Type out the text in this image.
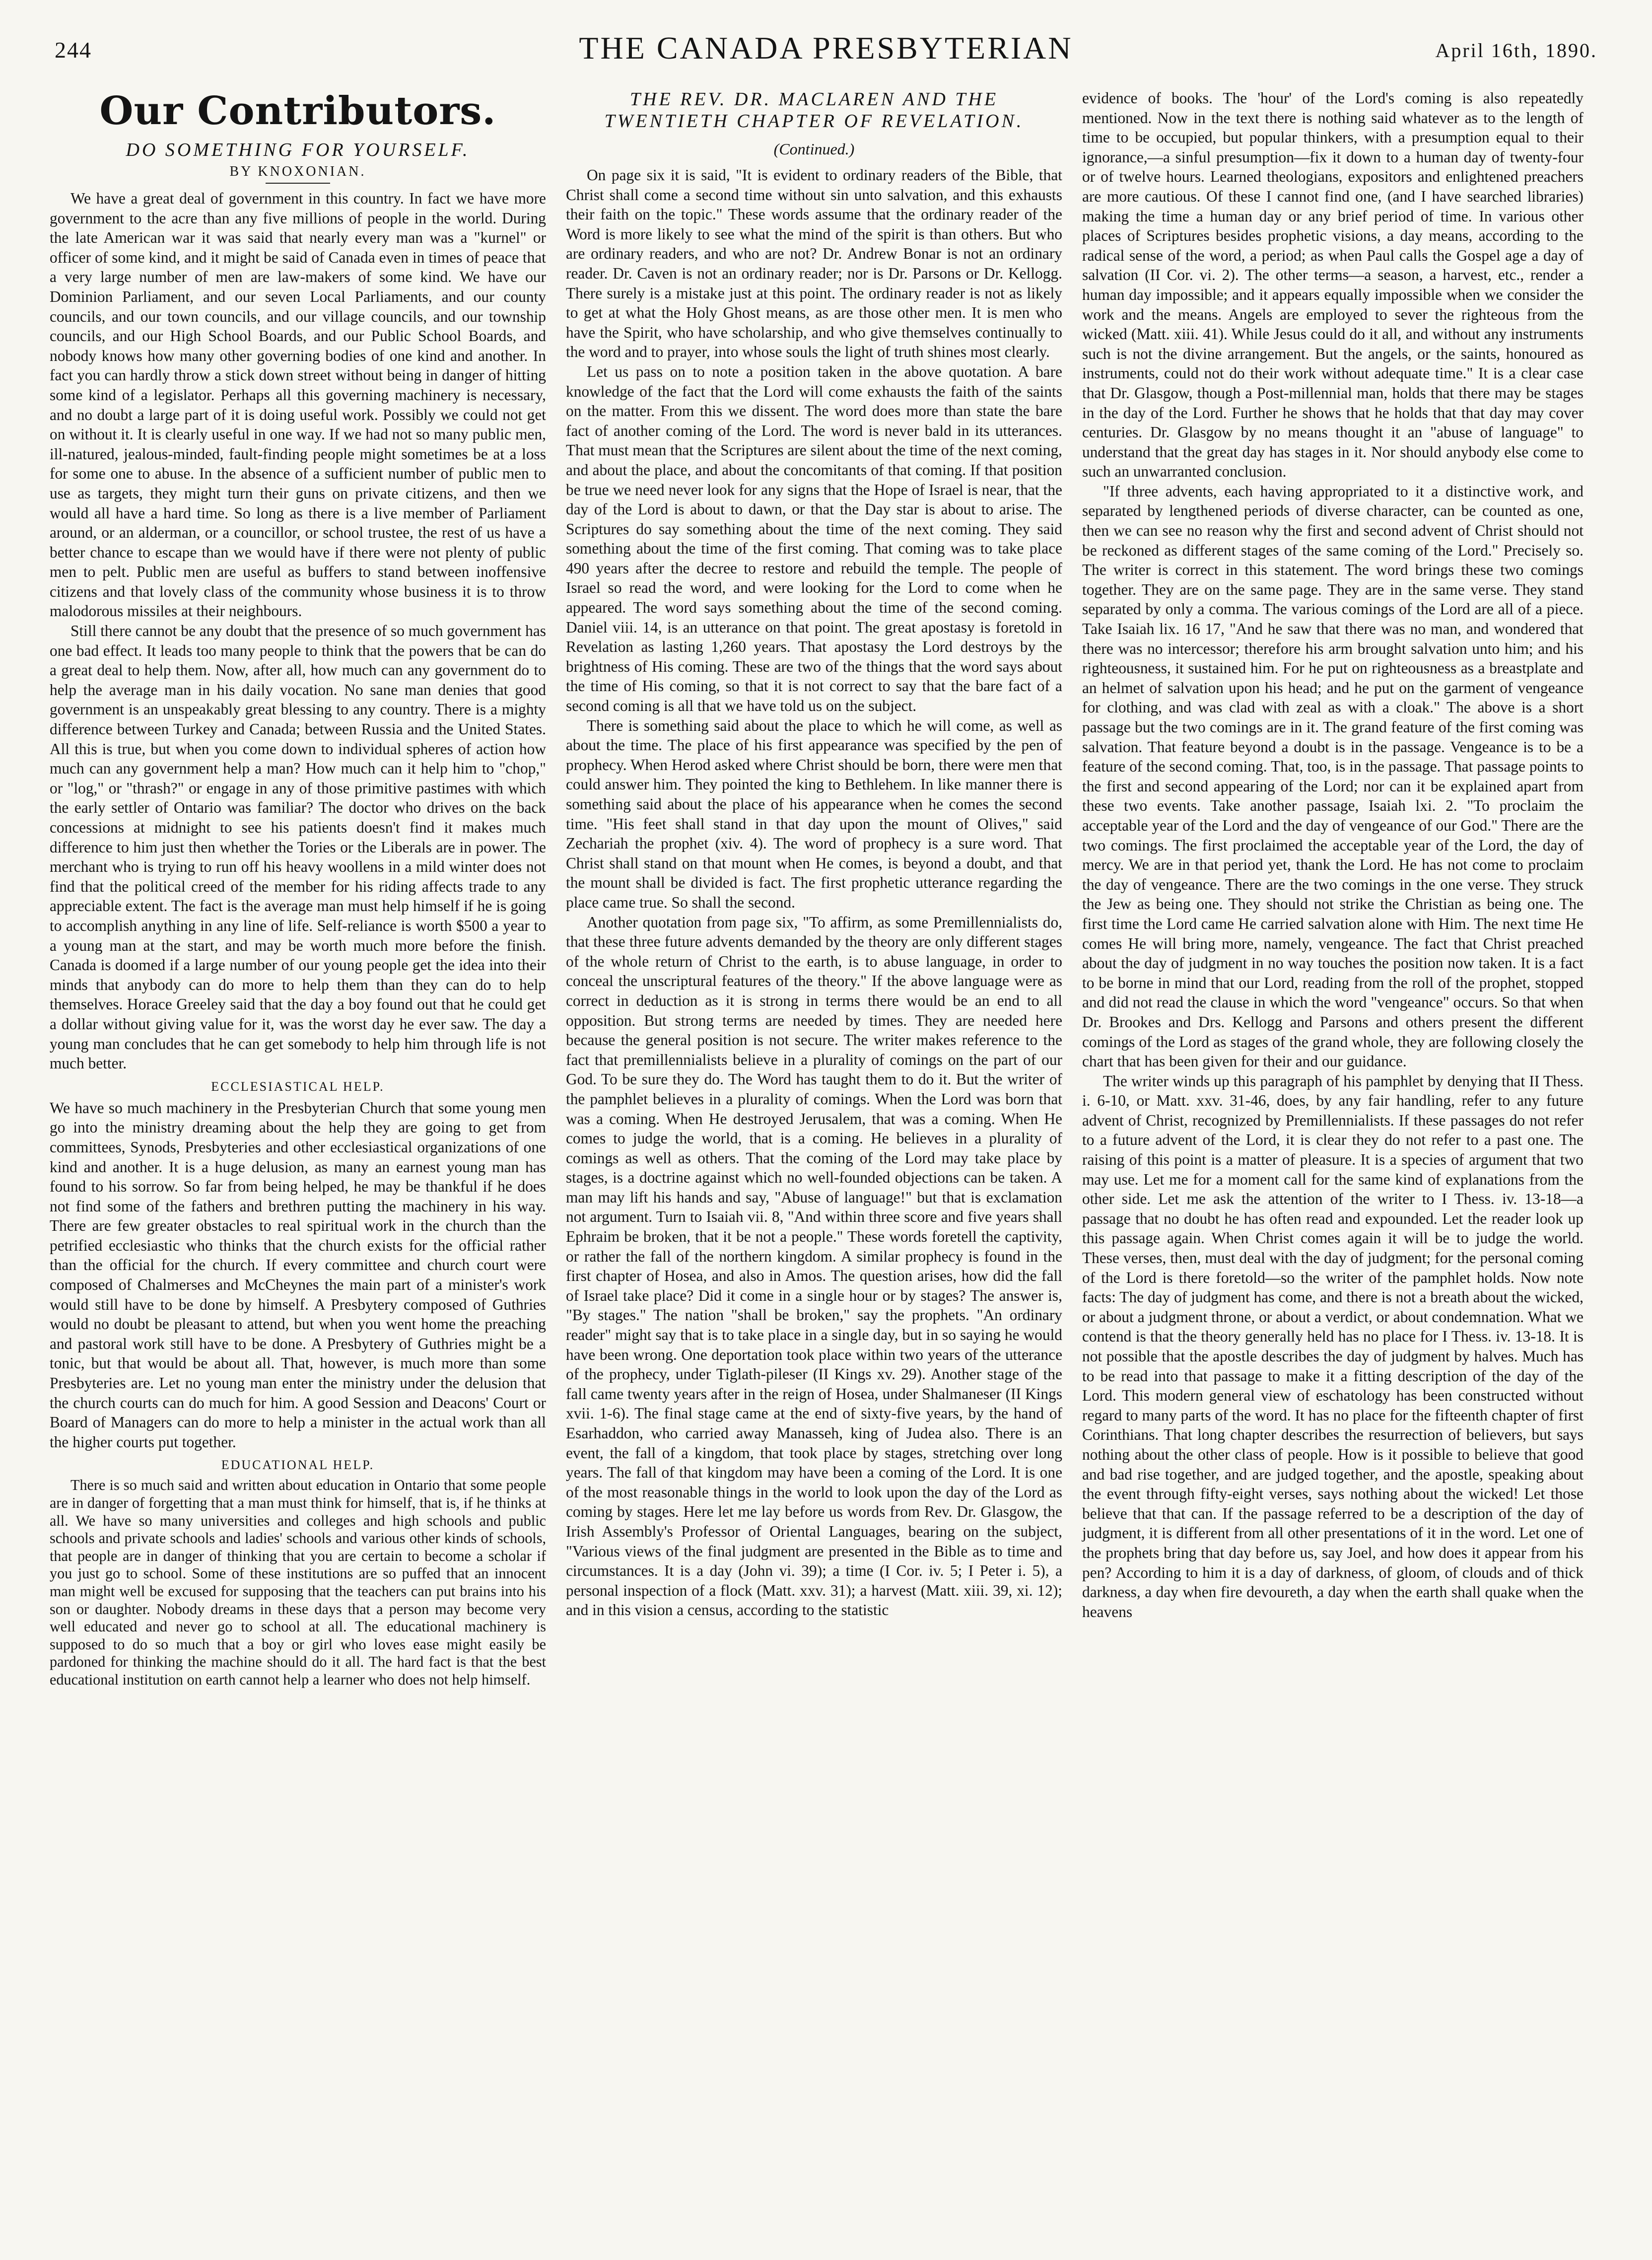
244	THE CANADA PRESBYTERIAN	April 16th, 1890.
Our Contributors.
DO SOMETHING FOR YOURSELF.
BY KNOXONIAN.

We have a great deal of government in this country. In fact we have more government to the acre than any five millions of people in the world. During the late American war it was said that nearly every man was a "kurnel" or officer of some kind, and it might be said of Canada even in times of peace that a very large number of men are law-makers of some kind. We have our Dominion Parliament, and our seven Local Parliaments, and our county councils, and our town councils, and our village councils, and our township councils, and our High School Boards, and our Public School Boards, and nobody knows how many other governing bodies of one kind and another. In fact you can hardly throw a stick down street without being in danger of hitting some kind of a legislator. Perhaps all this governing machinery is necessary, and no doubt a large part of it is doing useful work. Possibly we could not get on without it. It is clearly useful in one way. If we had not so many public men, ill-natured, jealous-minded, fault-finding people might sometimes be at a loss for some one to abuse. In the absence of a sufficient number of public men to use as targets, they might turn their guns on private citizens, and then we would all have a hard time. So long as there is a live member of Parliament around, or an alderman, or a councillor, or school trustee, the rest of us have a better chance to escape than we would have if there were not plenty of public men to pelt. Public men are useful as buffers to stand between inoffensive citizens and that lovely class of the community whose business it is to throw malodorous missiles at their neighbours.

Still there cannot be any doubt that the presence of so much government has one bad effect. It leads too many people to think that the powers that be can do a great deal to help them. Now, after all, how much can any government do to help the average man in his daily vocation. No sane man denies that good government is an unspeakably great blessing to any country. There is a mighty difference between Turkey and Canada; between Russia and the United States. All this is true, but when you come down to individual spheres of action how much can any government help a man? How much can it help him to "chop," or "log," or "thrash?" or engage in any of those primitive pastimes with which the early settler of Ontario was familiar? The doctor who drives on the back concessions at midnight to see his patients doesn't find it makes much difference to him just then whether the Tories or the Liberals are in power. The merchant who is trying to run off his heavy woollens in a mild winter does not find that the political creed of the member for his riding affects trade to any appreciable extent. The fact is the average man must help himself if he is going to accomplish anything in any line of life. Self-reliance is worth $500 a year to a young man at the start, and may be worth much more before the finish. Canada is doomed if a large number of our young people get the idea into their minds that anybody can do more to help them than they can do to help themselves. Horace Greeley said that the day a boy found out that he could get a dollar without giving value for it, was the worst day he ever saw. The day a young man concludes that he can get somebody to help him through life is not much better.

ECCLESIASTICAL HELP.

We have so much machinery in the Presbyterian Church that some young men go into the ministry dreaming about the help they are going to get from committees, Synods, Presbyteries and other ecclesiastical organizations of one kind and another. It is a huge delusion, as many an earnest young man has found to his sorrow. So far from being helped, he may be thankful if he does not find some of the fathers and brethren putting the machinery in his way. There are few greater obstacles to real spiritual work in the church than the petrified ecclesiastic who thinks that the church exists for the official rather than the official for the church. If every committee and church court were composed of Chalmerses and McCheynes the main part of a minister's work would still have to be done by himself. A Presbytery composed of Guthries would no doubt be pleasant to attend, but when you went home the preaching and pastoral work still have to be done. A Presbytery of Guthries might be a tonic, but that would be about all. That, however, is much more than some Presbyteries are. Let no young man enter the ministry under the delusion that the church courts can do much for him. A good Session and Deacons' Court or Board of Managers can do more to help a minister in the actual work than all the higher courts put together.

EDUCATIONAL HELP.

There is so much said and written about education in Ontario that some people are in danger of forgetting that a man must think for himself, that is, if he thinks at all. We have so many universities and colleges and high schools and public schools and private schools and ladies' schools and various other kinds of schools, that people are in danger of thinking that you are certain to become a scholar if you just go to school. Some of these institutions are so puffed that an innocent man might well be excused for supposing that the teachers can put brains into his son or daughter. Nobody dreams in these days that a person may become very well educated and never go to school at all. The educational machinery is supposed to do so much that a boy or girl who loves ease might easily be pardoned for thinking the machine should do it all. The hard fact is that the best educational institution on earth cannot help a learner who does not help himself.

THE REV. DR. MACLAREN AND THE TWENTIETH CHAPTER OF REVELATION.
(Continued.)

On page six it is said, "It is evident to ordinary readers of the Bible, that Christ shall come a second time without sin unto salvation, and this exhausts their faith on the topic." These words assume that the ordinary reader of the Word is more likely to see what the mind of the spirit is than others. But who are ordinary readers, and who are not? Dr. Andrew Bonar is not an ordinary reader. Dr. Caven is not an ordinary reader; nor is Dr. Parsons or Dr. Kellogg. There surely is a mistake just at this point. The ordinary reader is not as likely to get at what the Holy Ghost means, as are those other men. It is men who have the Spirit, who have scholarship, and who give themselves continually to the word and to prayer, into whose souls the light of truth shines most clearly.

Let us pass on to note a position taken in the above quotation. A bare knowledge of the fact that the Lord will come exhausts the faith of the saints on the matter. From this we dissent. The word does more than state the bare fact of another coming of the Lord. The word is never bald in its utterances. That must mean that the Scriptures are silent about the time of the next coming, and about the place, and about the concomitants of that coming. If that position be true we need never look for any signs that the Hope of Israel is near, that the day of the Lord is about to dawn, or that the Day star is about to arise. The Scriptures do say something about the time of the next coming. They said something about the time of the first coming. That coming was to take place 490 years after the decree to restore and rebuild the temple. The people of Israel so read the word, and were looking for the Lord to come when he appeared. The word says something about the time of the second coming. Daniel viii. 14, is an utterance on that point. The great apostasy is foretold in Revelation as lasting 1,260 years. That apostasy the Lord destroys by the brightness of His coming. These are two of the things that the word says about the time of His coming, so that it is not correct to say that the bare fact of a second coming is all that we have told us on the subject.

There is something said about the place to which he will come, as well as about the time. The place of his first appearance was specified by the pen of prophecy. When Herod asked where Christ should be born, there were men that could answer him. They pointed the king to Bethlehem. In like manner there is something said about the place of his appearance when he comes the second time. "His feet shall stand in that day upon the mount of Olives," said Zechariah the prophet (xiv. 4). The word of prophecy is a sure word. That Christ shall stand on that mount when He comes, is beyond a doubt, and that the mount shall be divided is fact. The first prophetic utterance regarding the place came true. So shall the second.

Another quotation from page six, "To affirm, as some Premillennialists do, that these three future advents demanded by the theory are only different stages of the whole return of Christ to the earth, is to abuse language, in order to conceal the unscriptural features of the theory." If the above language were as correct in deduction as it is strong in terms there would be an end to all opposition. But strong terms are needed by times. They are needed here because the general position is not secure. The writer makes reference to the fact that premillennialists believe in a plurality of comings on the part of our God. To be sure they do. The Word has taught them to do it. But the writer of the pamphlet believes in a plurality of comings. When the Lord was born that was a coming. When He destroyed Jerusalem, that was a coming. When He comes to judge the world, that is a coming. He believes in a plurality of comings as well as others. That the coming of the Lord may take place by stages, is a doctrine against which no well-founded objections can be taken. A man may lift his hands and say, "Abuse of language!" but that is exclamation not argument. Turn to Isaiah vii. 8, "And within three score and five years shall Ephraim be broken, that it be not a people." These words foretell the captivity, or rather the fall of the northern kingdom. A similar prophecy is found in the first chapter of Hosea, and also in Amos. The question arises, how did the fall of Israel take place? Did it come in a single hour or by stages? The answer is, "By stages." The nation "shall be broken," say the prophets. "An ordinary reader" might say that is to take place in a single day, but in so saying he would have been wrong. One deportation took place within two years of the utterance of the prophecy, under Tiglath-pileser (II Kings xv. 29). Another stage of the fall came twenty years after in the reign of Hosea, under Shalmaneser (II Kings xvii. 1-6). The final stage came at the end of sixty-five years, by the hand of Esarhaddon, who carried away Manasseh, king of Judea also. There is an event, the fall of a kingdom, that took place by stages, stretching over long years. The fall of that kingdom may have been a coming of the Lord. It is one of the most reasonable things in the world to look upon the day of the Lord as coming by stages. Here let me lay before us words from Rev. Dr. Glasgow, the Irish Assembly's Professor of Oriental Languages, bearing on the subject, "Various views of the final judgment are presented in the Bible as to time and circumstances. It is a day (John vi. 39); a time (I Cor. iv. 5; I Peter i. 5), a personal inspection of a flock (Matt. xxv. 31); a harvest (Matt. xiii. 39, xi. 12); and in this vision a census, according to the statistic

evidence of books. The 'hour' of the Lord's coming is also repeatedly mentioned. Now in the text there is nothing said whatever as to the length of time to be occupied, but popular thinkers, with a presumption equal to their ignorance,—a sinful presumption—fix it down to a human day of twenty-four or of twelve hours. Learned theologians, expositors and enlightened preachers are more cautious. Of these I cannot find one, (and I have searched libraries) making the time a human day or any brief period of time. In various other places of Scriptures besides prophetic visions, a day means, according to the radical sense of the word, a period; as when Paul calls the Gospel age a day of salvation (II Cor. vi. 2). The other terms—a season, a harvest, etc., render a human day impossible; and it appears equally impossible when we consider the work and the means. Angels are employed to sever the righteous from the wicked (Matt. xiii. 41). While Jesus could do it all, and without any instruments such is not the divine arrangement. But the angels, or the saints, honoured as instruments, could not do their work without adequate time." It is a clear case that Dr. Glasgow, though a Post-millennial man, holds that there may be stages in the day of the Lord. Further he shows that he holds that that day may cover centuries. Dr. Glasgow by no means thought it an "abuse of language" to understand that the great day has stages in it. Nor should anybody else come to such an unwarranted conclusion.

"If three advents, each having appropriated to it a distinctive work, and separated by lengthened periods of diverse character, can be counted as one, then we can see no reason why the first and second advent of Christ should not be reckoned as different stages of the same coming of the Lord." Precisely so. The writer is correct in this statement. The word brings these two comings together. They are on the same page. They are in the same verse. They stand separated by only a comma. The various comings of the Lord are all of a piece. Take Isaiah lix. 16 17, "And he saw that there was no man, and wondered that there was no intercessor; therefore his arm brought salvation unto him; and his righteousness, it sustained him. For he put on righteousness as a breastplate and an helmet of salvation upon his head; and he put on the garment of vengeance for clothing, and was clad with zeal as with a cloak." The above is a short passage but the two comings are in it. The grand feature of the first coming was salvation. That feature beyond a doubt is in the passage. Vengeance is to be a feature of the second coming. That, too, is in the passage. That passage points to the first and second appearing of the Lord; nor can it be explained apart from these two events. Take another passage, Isaiah lxi. 2. "To proclaim the acceptable year of the Lord and the day of vengeance of our God." There are the two comings. The first proclaimed the acceptable year of the Lord, the day of mercy. We are in that period yet, thank the Lord. He has not come to proclaim the day of vengeance. There are the two comings in the one verse. They struck the Jew as being one. They should not strike the Christian as being one. The first time the Lord came He carried salvation alone with Him. The next time He comes He will bring more, namely, vengeance. The fact that Christ preached about the day of judgment in no way touches the position now taken. It is a fact to be borne in mind that our Lord, reading from the roll of the prophet, stopped and did not read the clause in which the word "vengeance" occurs. So that when Dr. Brookes and Drs. Kellogg and Parsons and others present the different comings of the Lord as stages of the grand whole, they are following closely the chart that has been given for their and our guidance.

The writer winds up this paragraph of his pamphlet by denying that II Thess. i. 6-10, or Matt. xxv. 31-46, does, by any fair handling, refer to any future advent of Christ, recognized by Premillennialists. If these passages do not refer to a future advent of the Lord, it is clear they do not refer to a past one. The raising of this point is a matter of pleasure. It is a species of argument that two may use. Let me for a moment call for the same kind of explanations from the other side. Let me ask the attention of the writer to I Thess. iv. 13-18—a passage that no doubt he has often read and expounded. Let the reader look up this passage again. When Christ comes again it will be to judge the world. These verses, then, must deal with the day of judgment; for the personal coming of the Lord is there foretold—so the writer of the pamphlet holds. Now note facts: The day of judgment has come, and there is not a breath about the wicked, or about a judgment throne, or about a verdict, or about condemnation. What we contend is that the theory generally held has no place for I Thess. iv. 13-18. It is not possible that the apostle describes the day of judgment by halves. Much has to be read into that passage to make it a fitting description of the day of the Lord. This modern general view of eschatology has been constructed without regard to many parts of the word. It has no place for the fifteenth chapter of first Corinthians. That long chapter describes the resurrection of believers, but says nothing about the other class of people. How is it possible to believe that good and bad rise together, and are judged together, and the apostle, speaking about the event through fifty-eight verses, says nothing about the wicked! Let those believe that that can. If the passage referred to be a description of the day of judgment, it is different from all other presentations of it in the word. Let one of the prophets bring that day before us, say Joel, and how does it appear from his pen? According to him it is a day of darkness, of gloom, of clouds and of thick darkness, a day when fire devoureth, a day when the earth shall quake when the heavens
